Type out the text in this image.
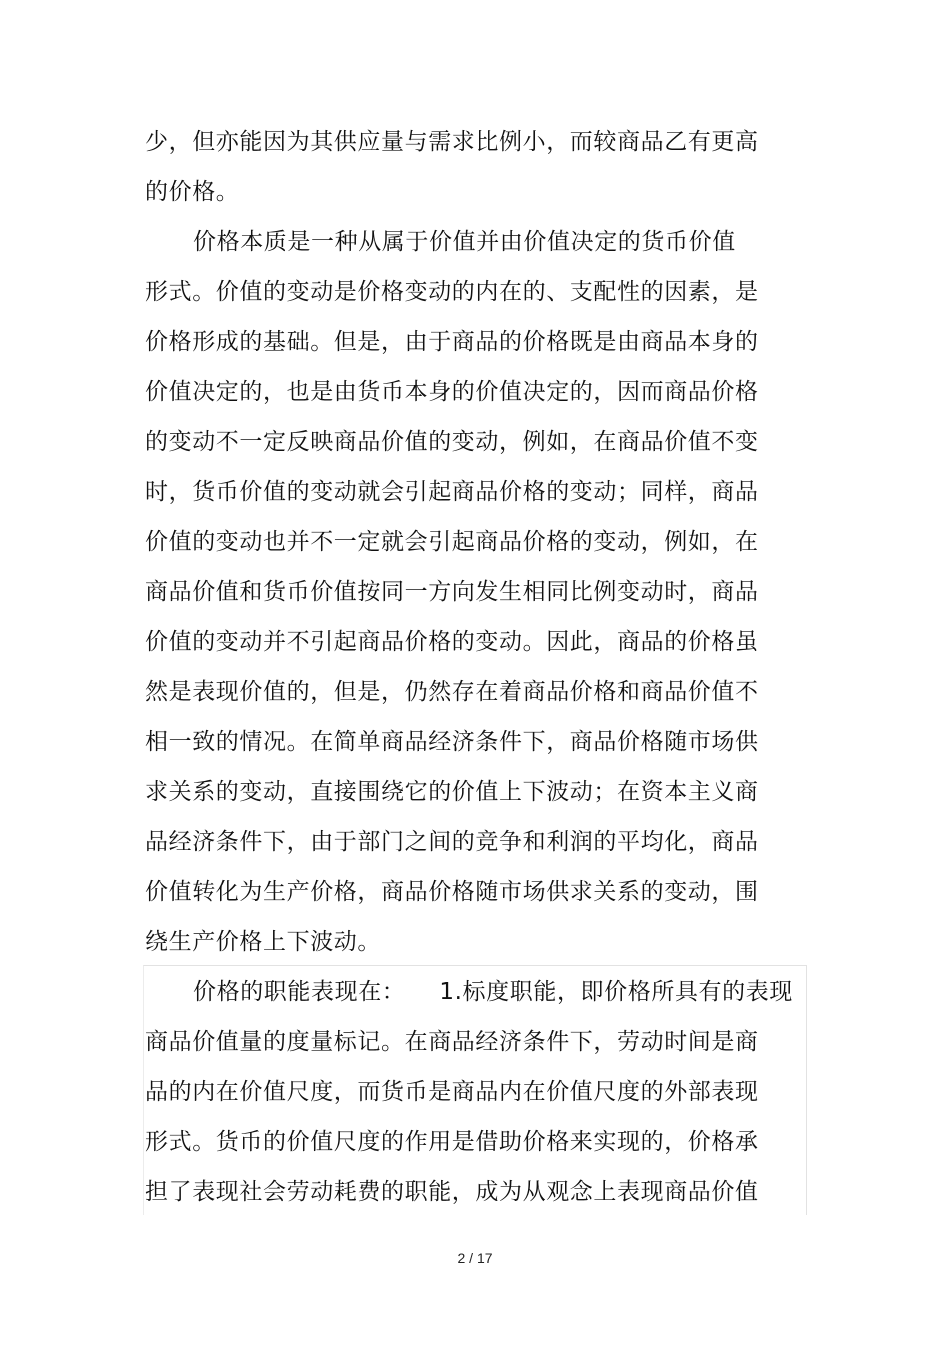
少，但亦能因为其供应量与需求比例小，而较商品乙有更高
的价格。
价格本质是一种从属于价值并由价值决定的货币价值
形式。价值的变动是价格变动的内在的、支配性的因素，是
价格形成的基础。但是，由于商品的价格既是由商品本身的
价值决定的，也是由货币本身的价值决定的，因而商品价格
的变动不一定反映商品价值的变动，例如，在商品价值不变
时，货币价值的变动就会引起商品价格的变动；同样，商品
价值的变动也并不一定就会引起商品价格的变动，例如，在
商品价值和货币价值按同一方向发生相同比例变动时，商品
价值的变动并不引起商品价格的变动。因此，商品的价格虽
然是表现价值的，但是，仍然存在着商品价格和商品价值不
相一致的情况。在简单商品经济条件下，商品价格随市场供
求关系的变动，直接围绕它的价值上下波动；在资本主义商
品经济条件下，由于部门之间的竞争和利润的平均化，商品
价值转化为生产价格，商品价格随市场供求关系的变动，围
绕生产价格上下波动。
价格的职能表现在： 1.标度职能，即价格所具有的表现
商品价值量的度量标记。在商品经济条件下，劳动时间是商
品的内在价值尺度，而货币是商品内在价值尺度的外部表现
形式。货币的价值尺度的作用是借助价格来实现的，价格承
担了表现社会劳动耗费的职能，成为从观念上表现商品价值
2 / 17
